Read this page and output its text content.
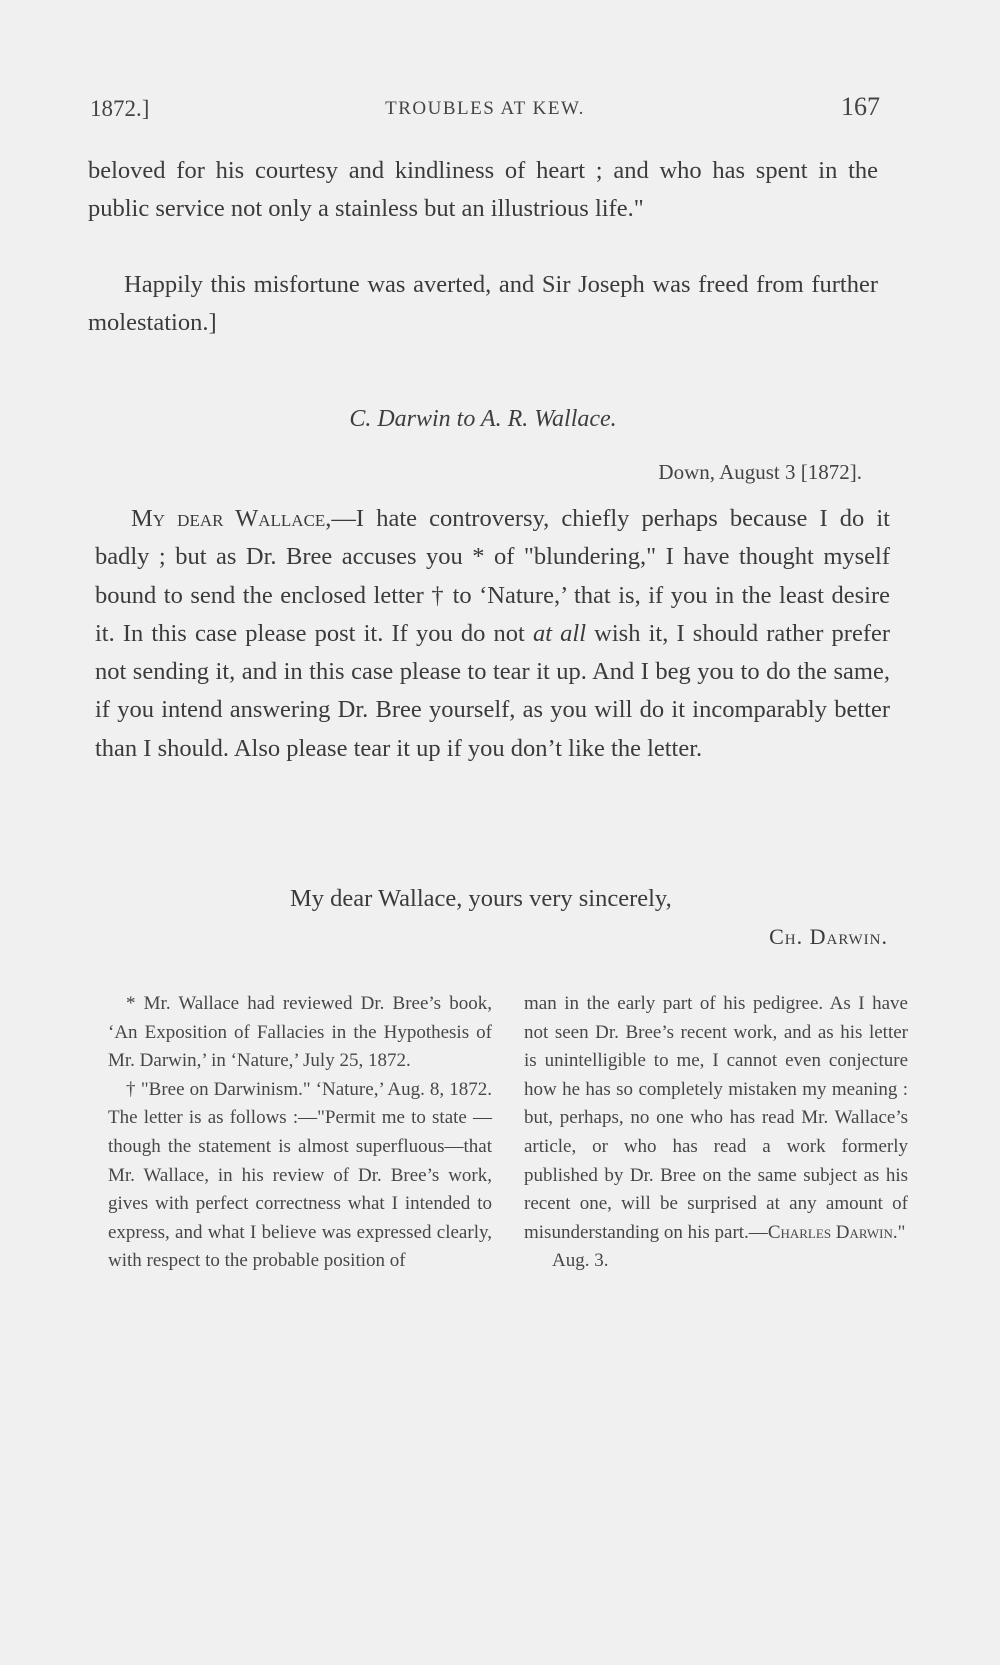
1872.]	TROUBLES AT KEW.	167

beloved for his courtesy and kindliness of heart ; and who has spent in the public service not only a stainless but an illustrious life."

Happily this misfortune was averted, and Sir Joseph was freed from further molestation.]

C. Darwin to A. R. Wallace.
Down, August 3 [1872].

My dear Wallace,—I hate controversy, chiefly perhaps because I do it badly ; but as Dr. Bree accuses you * of "blundering," I have thought myself bound to send the enclosed letter † to ‘Nature,’ that is, if you in the least desire it. In this case please post it. If you do not at all wish it, I should rather prefer not sending it, and in this case please to tear it up. And I beg you to do the same, if you intend answering Dr. Bree yourself, as you will do it incomparably better than I should. Also please tear it up if you don’t like the letter.

My dear Wallace, yours very sincerely,
Ch. Darwin.

* Mr. Wallace had reviewed Dr. Bree’s book, ‘An Exposition of Fallacies in the Hypothesis of Mr. Darwin,’ in ‘Nature,’ July 25, 1872.

† "Bree on Darwinism." ‘Nature,’ Aug. 8, 1872. The letter is as follows :—"Permit me to state —though the statement is almost superfluous—that Mr. Wallace, in his review of Dr. Bree’s work, gives with perfect correctness what I intended to express, and what I believe was expressed clearly, with respect to the probable position of

man in the early part of his pedigree. As I have not seen Dr. Bree’s recent work, and as his letter is unintelligible to me, I cannot even conjecture how he has so completely mistaken my meaning : but, perhaps, no one who has read Mr. Wallace’s article, or who has read a work formerly published by Dr. Bree on the same subject as his recent one, will be surprised at any amount of misunderstanding on his part.—Charles Darwin."

Aug. 3.
